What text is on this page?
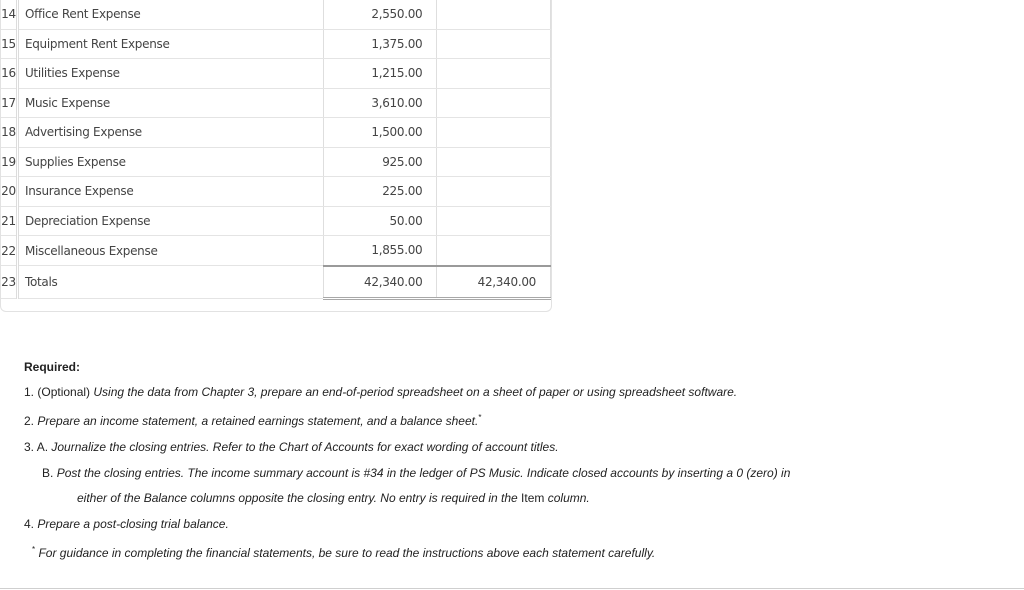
14	Office Rent Expense	2,550.00	
15	Equipment Rent Expense	1,375.00	
16	Utilities Expense	1,215.00	
17	Music Expense	3,610.00	
18	Advertising Expense	1,500.00	
19	Supplies Expense	925.00	
20	Insurance Expense	225.00	
21	Depreciation Expense	50.00	
22	Miscellaneous Expense	1,855.00	
23	Totals	42,340.00	42,340.00
Required:
1. (Optional) Using the data from Chapter 3, prepare an end-of-period spreadsheet on a sheet of paper or using spreadsheet software.
2. Prepare an income statement, a retained earnings statement, and a balance sheet.*
3. A. Journalize the closing entries. Refer to the Chart of Accounts for exact wording of account titles.
B. Post the closing entries. The income summary account is #34 in the ledger of PS Music. Indicate closed accounts by inserting a 0 (zero) in
either of the Balance columns opposite the closing entry. No entry is required in the Item column.
4. Prepare a post-closing trial balance.
* For guidance in completing the financial statements, be sure to read the instructions above each statement carefully.
